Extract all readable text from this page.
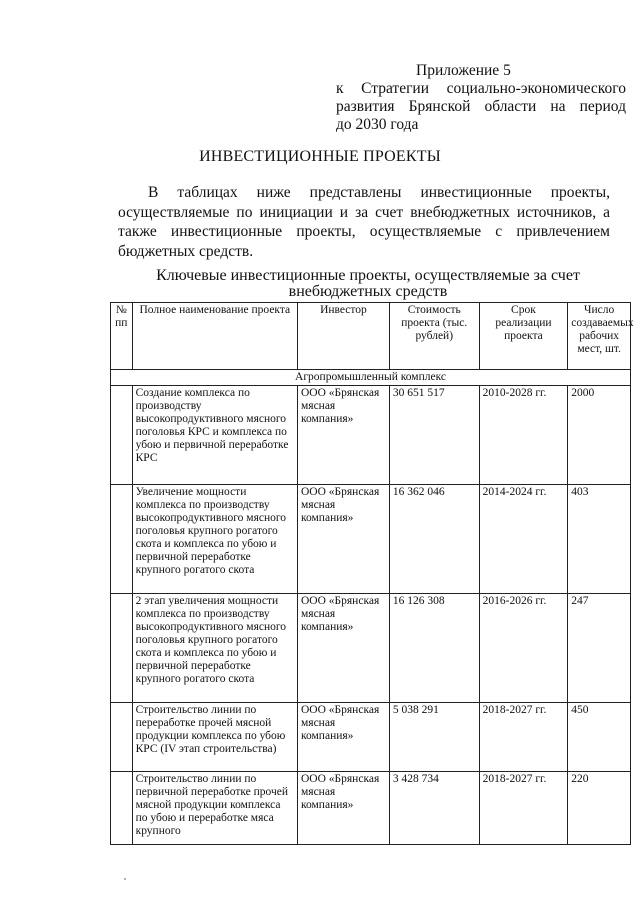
Приложение 5
к Стратегии социально-экономического
развития Брянской области на период
до 2030 года
ИНВЕСТИЦИОННЫЕ ПРОЕКТЫ
В таблицах ниже представлены инвестиционные проекты, осуществляемые по инициации и за счет внебюджетных источников, а также инвестиционные проекты, осуществляемые с привлечением бюджетных средств.
Ключевые инвестиционные проекты, осуществляемые за счет внебюджетных средств
№ пп	Полное наименование проекта	Инвестор	Стоимость проекта (тыс. рублей)	Срок реализации проекта	Число создаваемых рабочих мест, шт.
Агропромышленный комплекс					
	Создание комплекса по производству высокопродуктивного мясного поголовья КРС и комплекса по убою и первичной переработке КРС	ООО «Брянская мясная компания»	30 651 517	2010-2028 гг.	2000
	Увеличение мощности комплекса по производству высокопродуктивного мясного поголовья крупного рогатого скота и комплекса по убою и первичной переработке крупного рогатого скота	ООО «Брянская мясная компания»	16 362 046	2014-2024 гг.	403
	2 этап увеличения мощности комплекса по производству высокопродуктивного мясного поголовья крупного рогатого скота и комплекса по убою и первичной переработке крупного рогатого скота	ООО «Брянская мясная компания»	16 126 308	2016-2026 гг.	247
	Строительство линии по переработке прочей мясной продукции комплекса по убою КРС (IV этап строительства)	ООО «Брянская мясная компания»	5 038 291	2018-2027 гг.	450
	Строительство линии по первичной переработке прочей мясной продукции комплекса по убою и переработке мяса крупного	ООО «Брянская мясная компания»	3 428 734	2018-2027 гг.	220
